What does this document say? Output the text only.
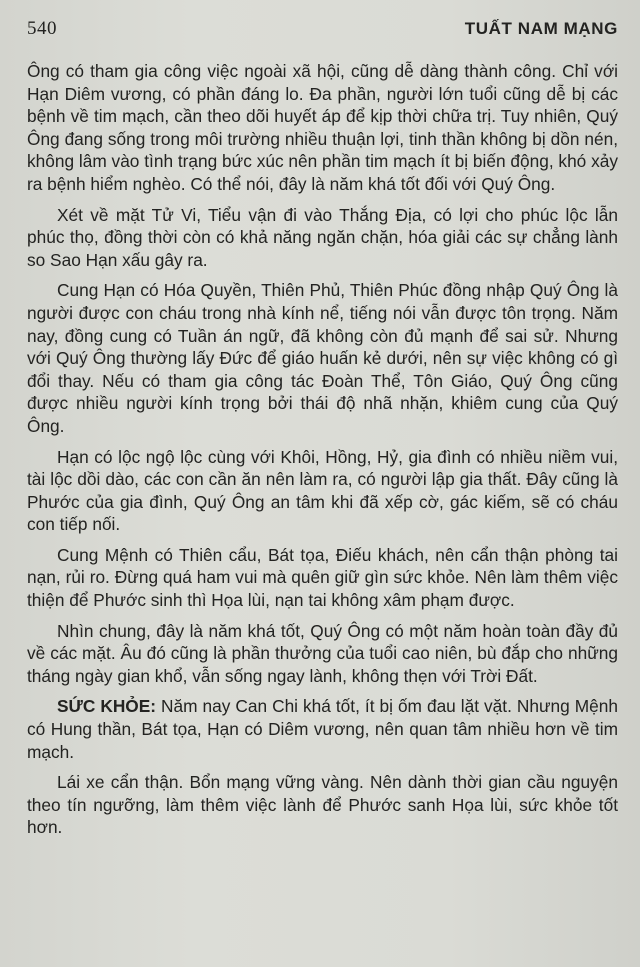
540	TUẤT NAM MẠNG

Ông có tham gia công việc ngoài xã hội, cũng dễ dàng thành công. Chỉ với Hạn Diêm vương, có phần đáng lo. Đa phần, người lớn tuổi cũng dễ bị các bệnh về tim mạch, cần theo dõi huyết áp để kịp thời chữa trị. Tuy nhiên, Quý Ông đang sống trong môi trường nhiều thuận lợi, tinh thần không bị dồn nén, không lâm vào tình trạng bức xúc nên phần tim mạch ít bị biến động, khó xảy ra bệnh hiểm nghèo. Có thể nói, đây là năm khá tốt đối với Quý Ông.

Xét về mặt Tử Vi, Tiểu vận đi vào Thắng Địa, có lợi cho phúc lộc lẫn phúc thọ, đồng thời còn có khả năng ngăn chặn, hóa giải các sự chẳng lành so Sao Hạn xấu gây ra.

Cung Hạn có Hóa Quyền, Thiên Phủ, Thiên Phúc đồng nhập Quý Ông là người được con cháu trong nhà kính nể, tiếng nói vẫn được tôn trọng. Năm nay, đồng cung có Tuần án ngữ, đã không còn đủ mạnh để sai sử. Nhưng với Quý Ông thường lấy Đức để giáo huấn kẻ dưới, nên sự việc không có gì đổi thay. Nếu có tham gia công tác Đoàn Thể, Tôn Giáo, Quý Ông cũng được nhiều người kính trọng bởi thái độ nhã nhặn, khiêm cung của Quý Ông.

Hạn có lộc ngộ lộc cùng với Khôi, Hồng, Hỷ, gia đình có nhiều niềm vui, tài lộc dồi dào, các con cần ăn nên làm ra, có người lập gia thất. Đây cũng là Phước của gia đình, Quý Ông an tâm khi đã xếp cờ, gác kiếm, sẽ có cháu con tiếp nối.

Cung Mệnh có Thiên cẩu, Bát tọa, Điếu khách, nên cẩn thận phòng tai nạn, rủi ro. Đừng quá ham vui mà quên giữ gìn sức khỏe. Nên làm thêm việc thiện để Phước sinh thì Họa lùi, nạn tai không xâm phạm được.

Nhìn chung, đây là năm khá tốt, Quý Ông có một năm hoàn toàn đầy đủ về các mặt. Âu đó cũng là phần thưởng của tuổi cao niên, bù đắp cho những tháng ngày gian khổ, vẫn sống ngay lành, không thẹn với Trời Đất.

SỨC KHỎE: Năm nay Can Chi khá tốt, ít bị ốm đau lặt vặt. Nhưng Mệnh có Hung thần, Bát tọa, Hạn có Diêm vương, nên quan tâm nhiều hơn về tim mạch.

Lái xe cẩn thận. Bổn mạng vững vàng. Nên dành thời gian cầu nguyện theo tín ngưỡng, làm thêm việc lành để Phước sanh Họa lùi, sức khỏe tốt hơn.
